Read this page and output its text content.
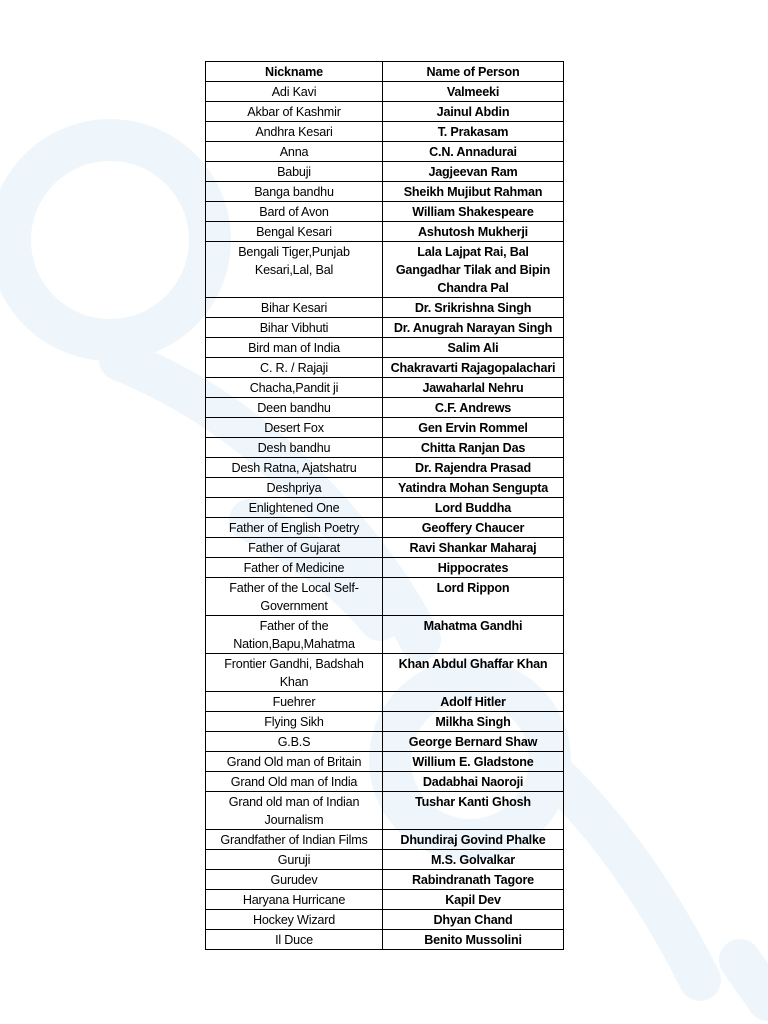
Nickname	Name of Person
Adi Kavi	Valmeeki
Akbar of Kashmir	Jainul Abdin
Andhra Kesari	T. Prakasam
Anna	C.N. Annadurai
Babuji	Jagjeevan Ram
Banga bandhu	Sheikh Mujibut Rahman
Bard of Avon	William Shakespeare
Bengal Kesari	Ashutosh Mukherji
Bengali Tiger,Punjab Kesari,Lal, Bal	Lala Lajpat Rai, Bal Gangadhar Tilak and Bipin Chandra Pal
Bihar Kesari	Dr. Srikrishna Singh
Bihar Vibhuti	Dr. Anugrah Narayan Singh
Bird man of India	Salim Ali
C. R. / Rajaji	Chakravarti Rajagopalachari
Chacha,Pandit ji	Jawaharlal Nehru
Deen bandhu	C.F. Andrews
Desert Fox	Gen Ervin Rommel
Desh bandhu	Chitta Ranjan Das
Desh Ratna, Ajatshatru	Dr. Rajendra Prasad
Deshpriya	Yatindra Mohan Sengupta
Enlightened One	Lord Buddha
Father of English Poetry	Geoffery Chaucer
Father of Gujarat	Ravi Shankar Maharaj
Father of Medicine	Hippocrates
Father of the Local Self-Government	Lord Rippon
Father of the Nation,Bapu,Mahatma	Mahatma Gandhi
Frontier Gandhi, Badshah Khan	Khan Abdul Ghaffar Khan
Fuehrer	Adolf Hitler
Flying Sikh	Milkha Singh
G.B.S	George Bernard Shaw
Grand Old man of Britain	Willium E. Gladstone
Grand Old man of India	Dadabhai Naoroji
Grand old man of Indian Journalism	Tushar Kanti Ghosh
Grandfather of Indian Films	Dhundiraj Govind Phalke
Guruji	M.S. Golvalkar
Gurudev	Rabindranath Tagore
Haryana Hurricane	Kapil Dev
Hockey Wizard	Dhyan Chand
Il Duce	Benito Mussolini
